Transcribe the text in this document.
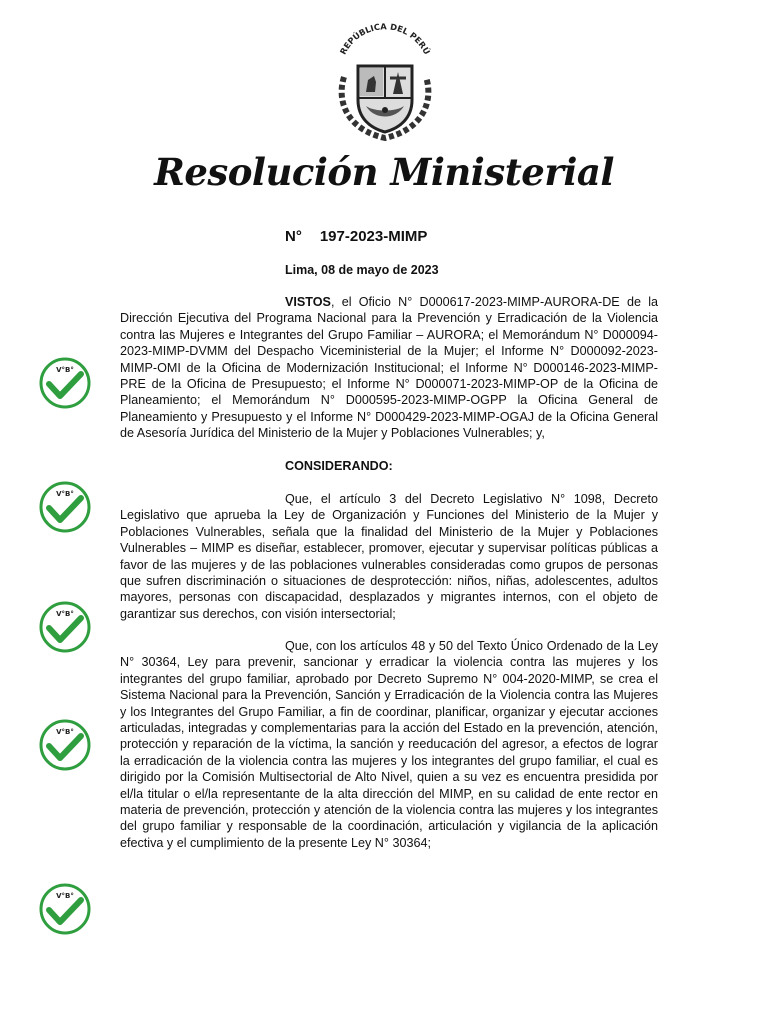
REPÚBLICA DEL PERÚ
Resolución Ministerial
N° 197-2023-MIMP
Lima, 08 de mayo de 2023

VISTOS, el Oficio N° D000617-2023-MIMP-AURORA-DE de la Dirección Ejecutiva del Programa Nacional para la Prevención y Erradicación de la Violencia contra las Mujeres e Integrantes del Grupo Familiar – AURORA; el Memorándum N° D000094-2023-MIMP-DVMM del Despacho Viceministerial de la Mujer; el Informe N° D000092-2023-MIMP-OMI de la Oficina de Modernización Institucional; el Informe N° D000146-2023-MIMP-PRE de la Oficina de Presupuesto; el Informe N° D000071-2023-MIMP-OP de la Oficina de Planeamiento; el Memorándum N° D000595-2023-MIMP-OGPP la Oficina General de Planeamiento y Presupuesto y el Informe N° D000429-2023-MIMP-OGAJ de la Oficina General de Asesoría Jurídica del Ministerio de la Mujer y Poblaciones Vulnerables; y,

CONSIDERANDO:

Que, el artículo 3 del Decreto Legislativo N° 1098, Decreto Legislativo que aprueba la Ley de Organización y Funciones del Ministerio de la Mujer y Poblaciones Vulnerables, señala que la finalidad del Ministerio de la Mujer y Poblaciones Vulnerables – MIMP es diseñar, establecer, promover, ejecutar y supervisar políticas públicas a favor de las mujeres y de las poblaciones vulnerables consideradas como grupos de personas que sufren discriminación o situaciones de desprotección: niños, niñas, adolescentes, adultos mayores, personas con discapacidad, desplazados y migrantes internos, con el objeto de garantizar sus derechos, con visión intersectorial;

Que, con los artículos 48 y 50 del Texto Único Ordenado de la Ley N° 30364, Ley para prevenir, sancionar y erradicar la violencia contra las mujeres y los integrantes del grupo familiar, aprobado por Decreto Supremo N° 004-2020-MIMP, se crea el Sistema Nacional para la Prevención, Sanción y Erradicación de la Violencia contra las Mujeres y los Integrantes del Grupo Familiar, a fin de coordinar, planificar, organizar y ejecutar acciones articuladas, integradas y complementarias para la acción del Estado en la prevención, atención, protección y reparación de la víctima, la sanción y reeducación del agresor, a efectos de lograr la erradicación de la violencia contra las mujeres y los integrantes del grupo familiar, el cual es dirigido por la Comisión Multisectorial de Alto Nivel, quien a su vez es encuentra presidida por el/la titular o el/la representante de la alta dirección del MIMP, en su calidad de ente rector en materia de prevención, protección y atención de la violencia contra las mujeres y los integrantes del grupo familiar y responsable de la coordinación, articulación y vigilancia de la aplicación efectiva y el cumplimiento de la presente Ley N° 30364;

V°B°
V°B°
V°B°
V°B°
V°B°
